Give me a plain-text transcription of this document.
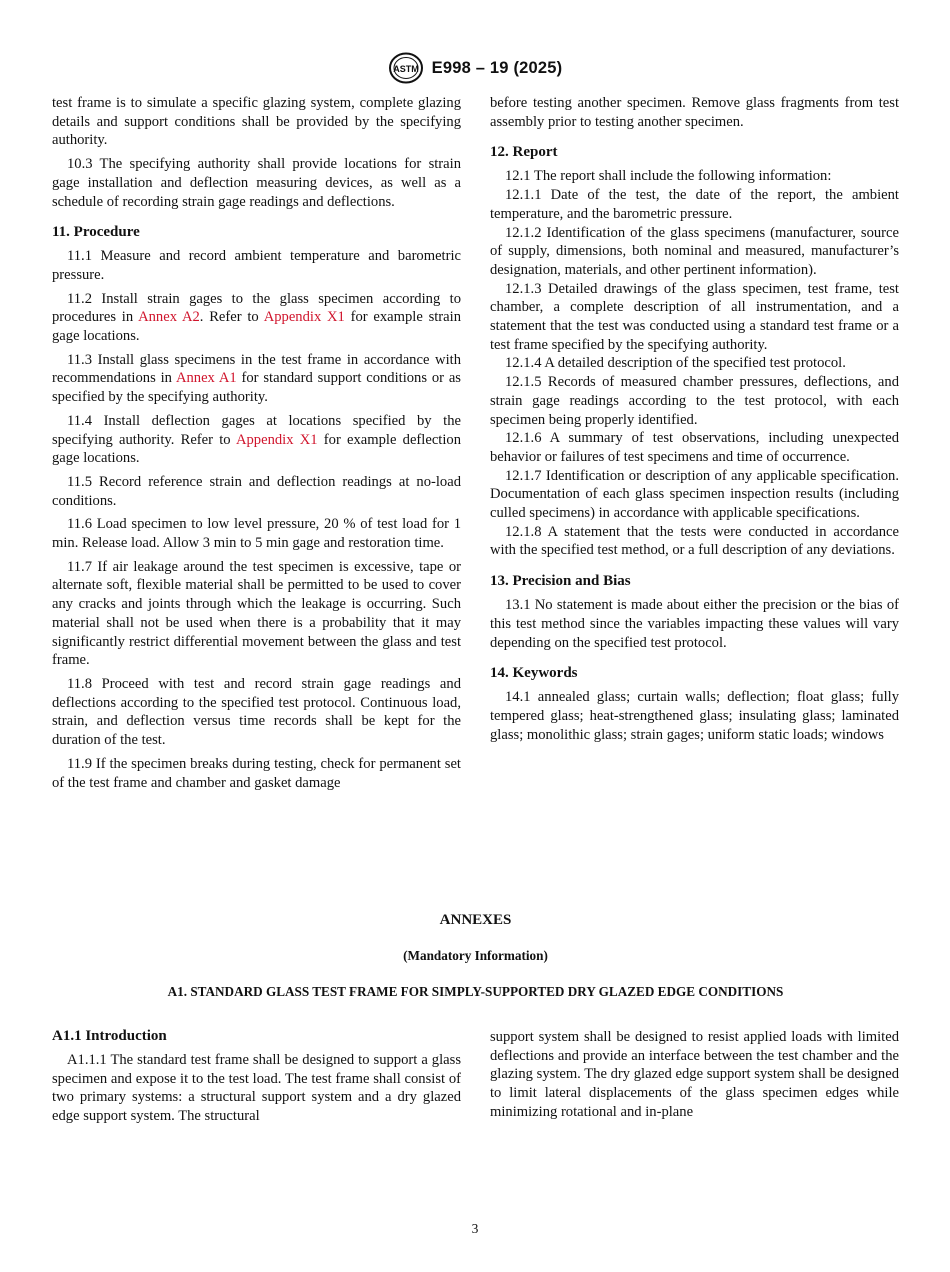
ASTM E998 – 19 (2025)

test frame is to simulate a specific glazing system, complete glazing details and support conditions shall be provided by the specifying authority.

10.3 The specifying authority shall provide locations for strain gage installation and deflection measuring devices, as well as a schedule of recording strain gage readings and deflections.

11. Procedure

11.1 Measure and record ambient temperature and barometric pressure.

11.2 Install strain gages to the glass specimen according to procedures in Annex A2. Refer to Appendix X1 for example strain gage locations.

11.3 Install glass specimens in the test frame in accordance with recommendations in Annex A1 for standard support conditions or as specified by the specifying authority.

11.4 Install deflection gages at locations specified by the specifying authority. Refer to Appendix X1 for example deflection gage locations.

11.5 Record reference strain and deflection readings at no-load conditions.

11.6 Load specimen to low level pressure, 20 % of test load for 1 min. Release load. Allow 3 min to 5 min gage and restoration time.

11.7 If air leakage around the test specimen is excessive, tape or alternate soft, flexible material shall be permitted to be used to cover any cracks and joints through which the leakage is occurring. Such material shall not be used when there is a probability that it may significantly restrict differential movement between the glass and test frame.

11.8 Proceed with test and record strain gage readings and deflections according to the specified test protocol. Continuous load, strain, and deflection versus time records shall be kept for the duration of the test.

11.9 If the specimen breaks during testing, check for permanent set of the test frame and chamber and gasket damage

before testing another specimen. Remove glass fragments from test assembly prior to testing another specimen.

12. Report

12.1 The report shall include the following information:

12.1.1 Date of the test, the date of the report, the ambient temperature, and the barometric pressure.

12.1.2 Identification of the glass specimens (manufacturer, source of supply, dimensions, both nominal and measured, manufacturer’s designation, materials, and other pertinent information).

12.1.3 Detailed drawings of the glass specimen, test frame, test chamber, a complete description of all instrumentation, and a statement that the test was conducted using a standard test frame or a test frame specified by the specifying authority.

12.1.4 A detailed description of the specified test protocol.

12.1.5 Records of measured chamber pressures, deflections, and strain gage readings according to the test protocol, with each specimen being properly identified.

12.1.6 A summary of test observations, including unexpected behavior or failures of test specimens and time of occurrence.

12.1.7 Identification or description of any applicable specification. Documentation of each glass specimen inspection results (including culled specimens) in accordance with applicable specifications.

12.1.8 A statement that the tests were conducted in accordance with the specified test method, or a full description of any deviations.

13. Precision and Bias

13.1 No statement is made about either the precision or the bias of this test method since the variables impacting these values will vary depending on the specified test protocol.

14. Keywords

14.1 annealed glass; curtain walls; deflection; float glass; fully tempered glass; heat-strengthened glass; insulating glass; laminated glass; monolithic glass; strain gages; uniform static loads; windows

ANNEXES
(Mandatory Information)
A1. STANDARD GLASS TEST FRAME FOR SIMPLY-SUPPORTED DRY GLAZED EDGE CONDITIONS
A1.1 Introduction

A1.1.1 The standard test frame shall be designed to support a glass specimen and expose it to the test load. The test frame shall consist of two primary systems: a structural support system and a dry glazed edge support system. The structural

support system shall be designed to resist applied loads with limited deflections and provide an interface between the test chamber and the glazing system. The dry glazed edge support system shall be designed to limit lateral displacements of the glass specimen edges while minimizing rotational and in-plane

3
